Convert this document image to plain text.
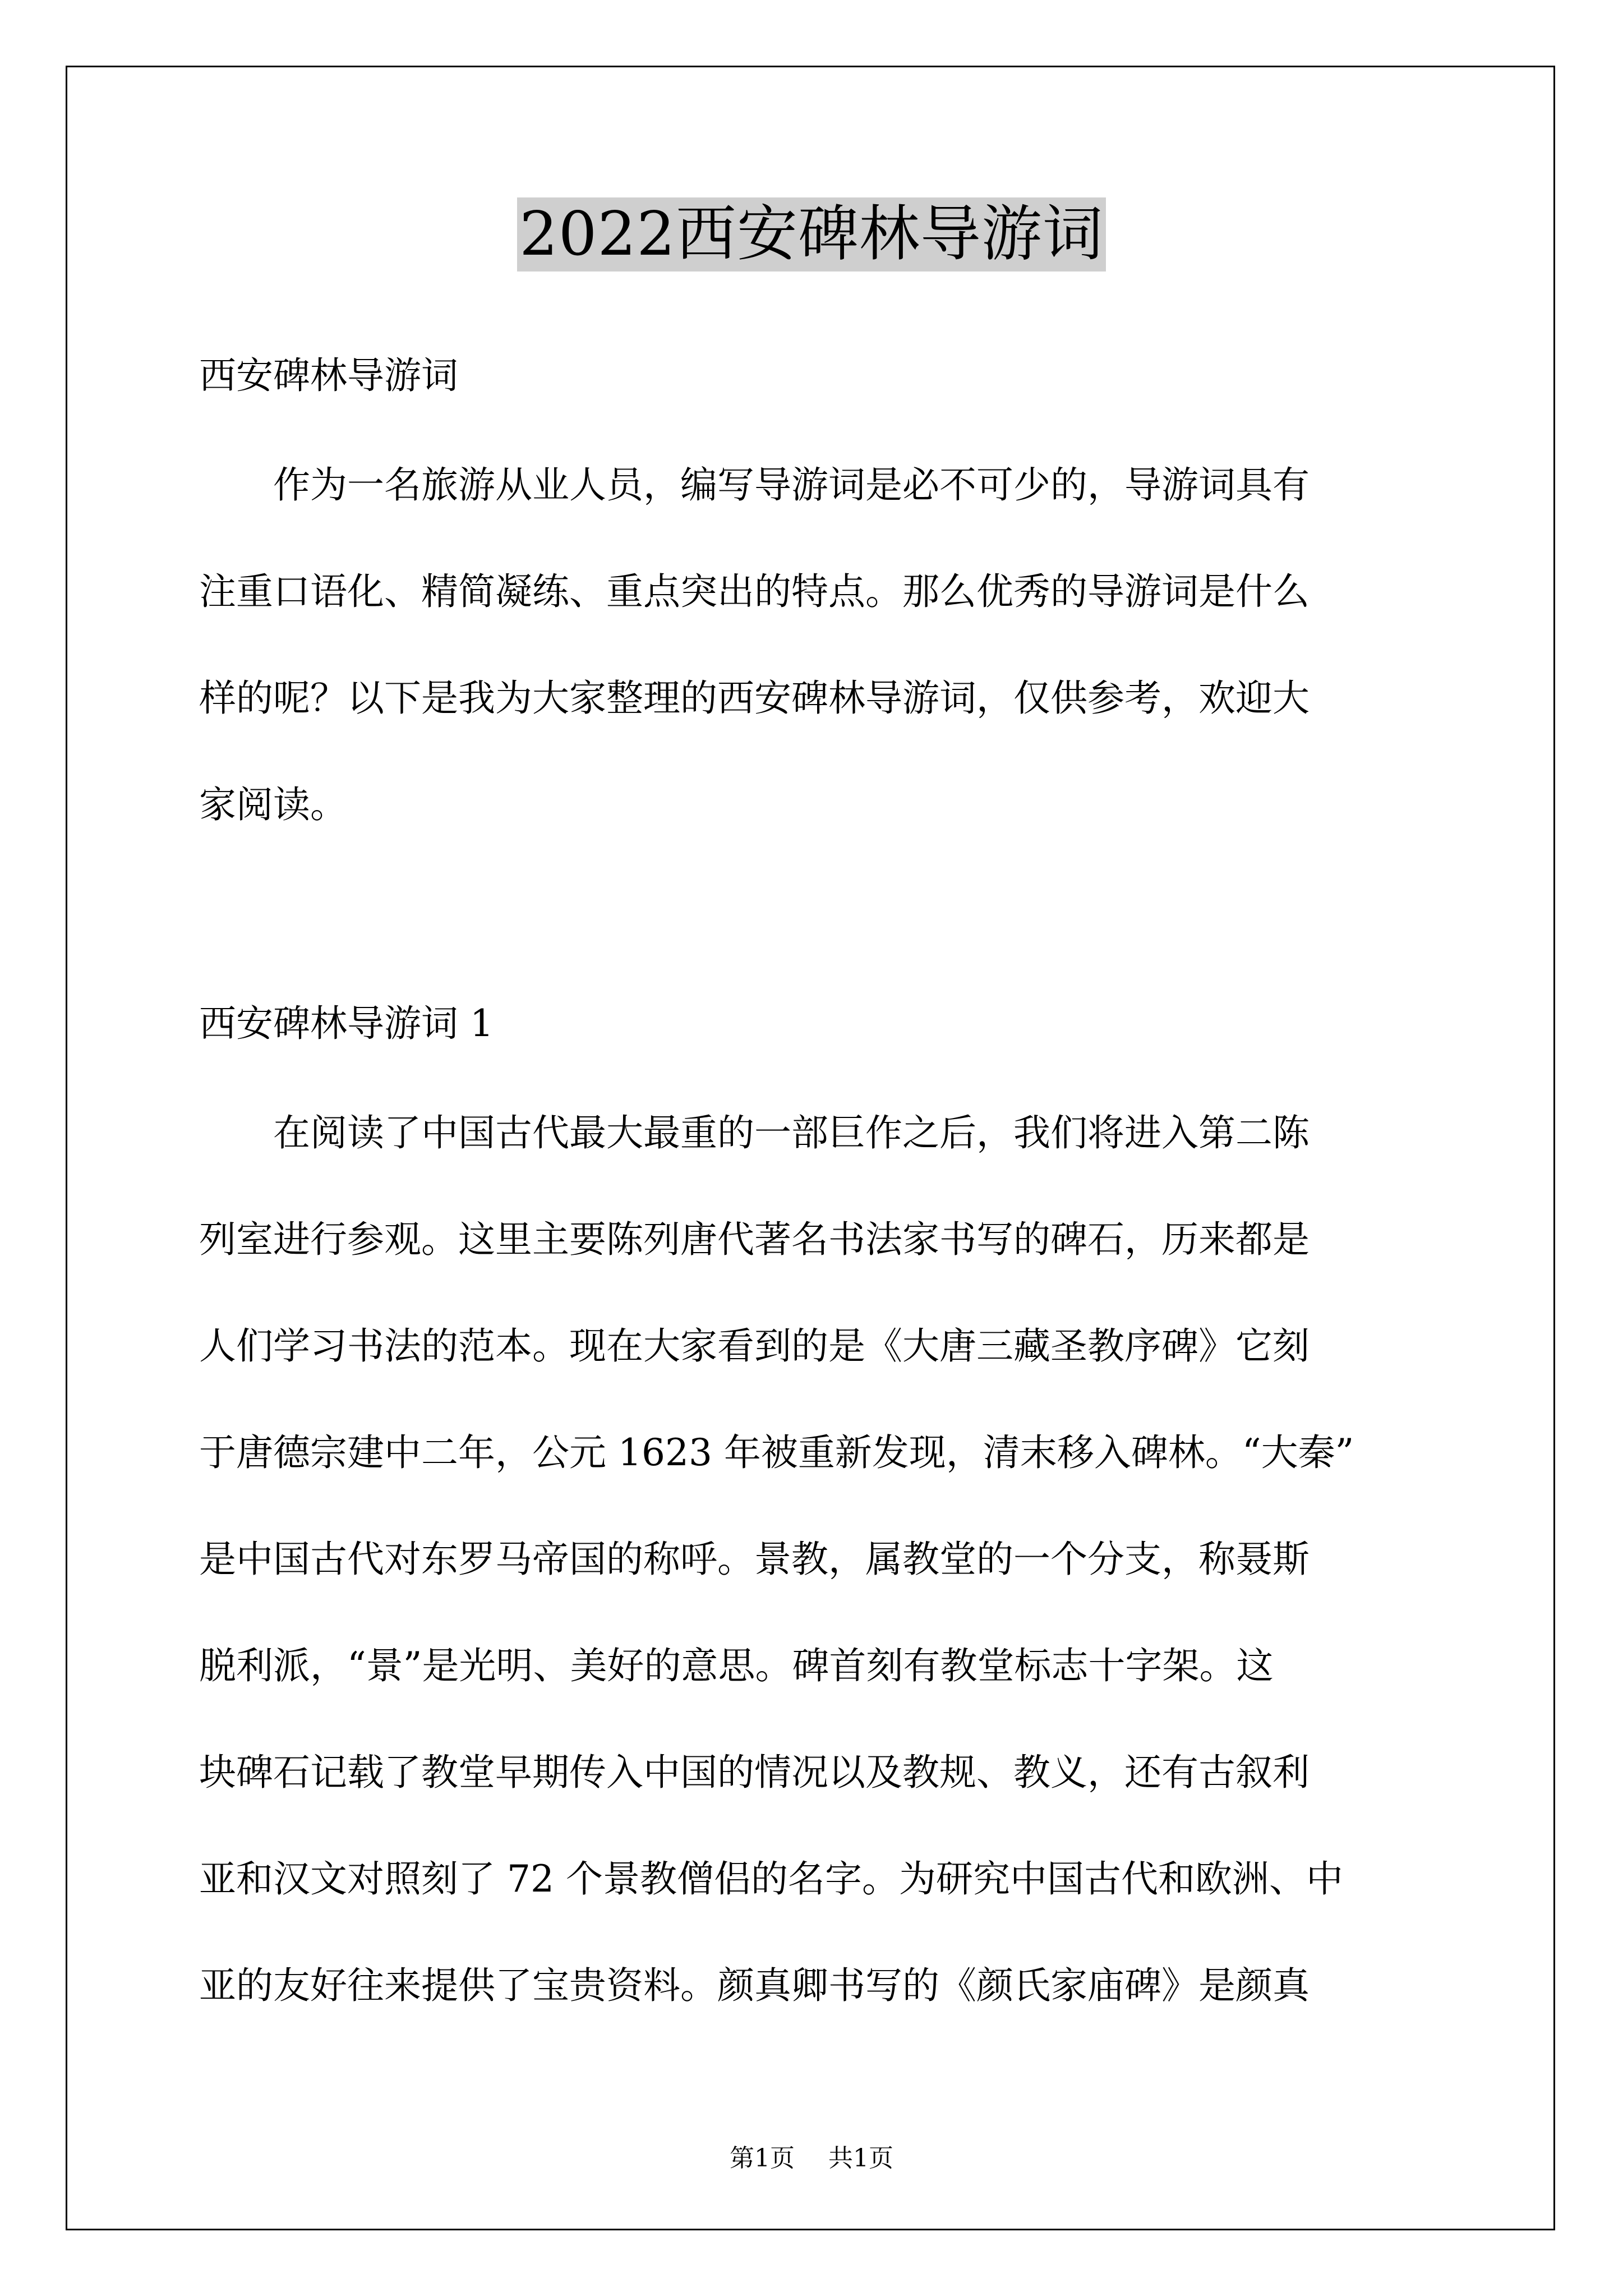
2022西安碑林导游词
西安碑林导游词
　　作为一名旅游从业人员，编写导游词是必不可少的，导游词具有
注重口语化、精简凝练、重点突出的特点。那么优秀的导游词是什么
样的呢？以下是我为大家整理的西安碑林导游词，仅供参考，欢迎大
家阅读。
西安碑林导游词 1
　　在阅读了中国古代最大最重的一部巨作之后，我们将进入第二陈
列室进行参观。这里主要陈列唐代著名书法家书写的碑石，历来都是
人们学习书法的范本。现在大家看到的是《大唐三藏圣教序碑》它刻
于唐德宗建中二年，公元 1623 年被重新发现，清末移入碑林。“大秦”
是中国古代对东罗马帝国的称呼。景教，属教堂的一个分支，称聂斯
脱利派，“景”是光明、美好的意思。碑首刻有教堂标志十字架。这
块碑石记载了教堂早期传入中国的情况以及教规、教义，还有古叙利
亚和汉文对照刻了 72 个景教僧侣的名字。为研究中国古代和欧洲、中
亚的友好往来提供了宝贵资料。颜真卿书写的《颜氏家庙碑》是颜真
第1页 共1页
